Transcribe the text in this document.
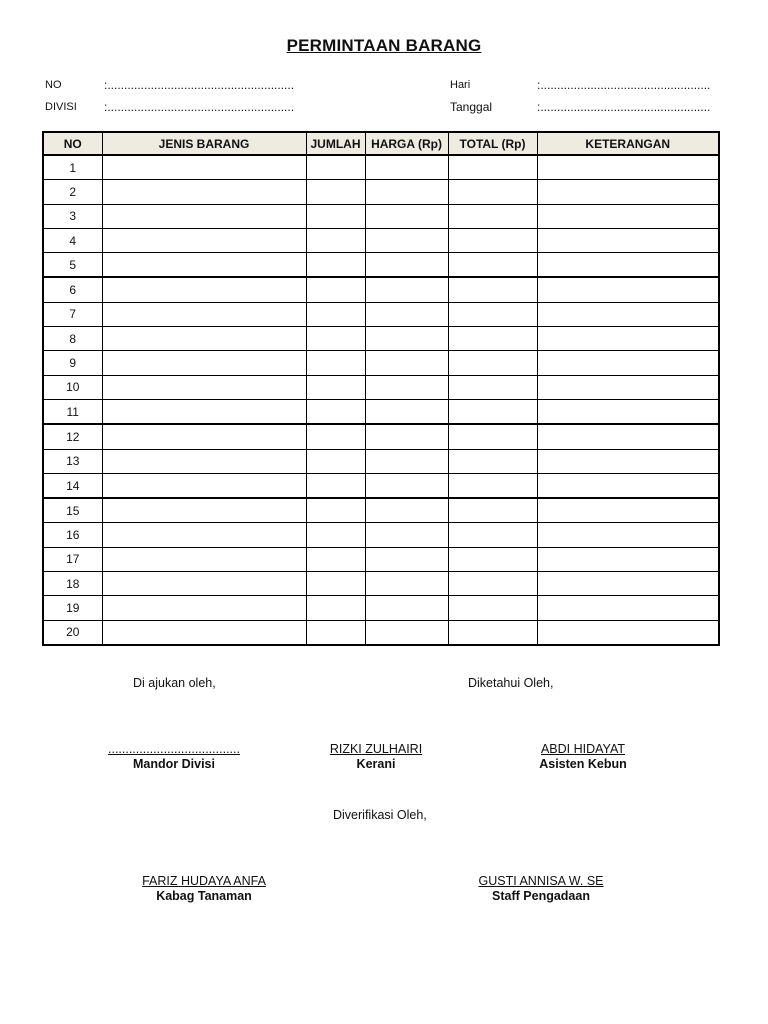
PERMINTAAN BARANG
NO	:........................................................
DIVISI :........................................................
Hari	:...................................................
Tanggal	:...................................................
NO	JENIS BARANG	JUMLAH	HARGA (Rp)	TOTAL (Rp)	KETERANGAN
1					
2					
3					
4					
5					
6					
7					
8					
9					
10					
11					
12					
13					
14					
15					
16					
17					
18					
19					
20					
Di ajukan oleh,	Diketahui Oleh,
......................................
Mandor Divisi
RIZKI ZULHAIRI
Kerani
ABDI HIDAYAT
Asisten Kebun
Diverifikasi Oleh,
FARIZ HUDAYA ANFA
Kabag Tanaman
GUSTI ANNISA W. SE
Staff Pengadaan
